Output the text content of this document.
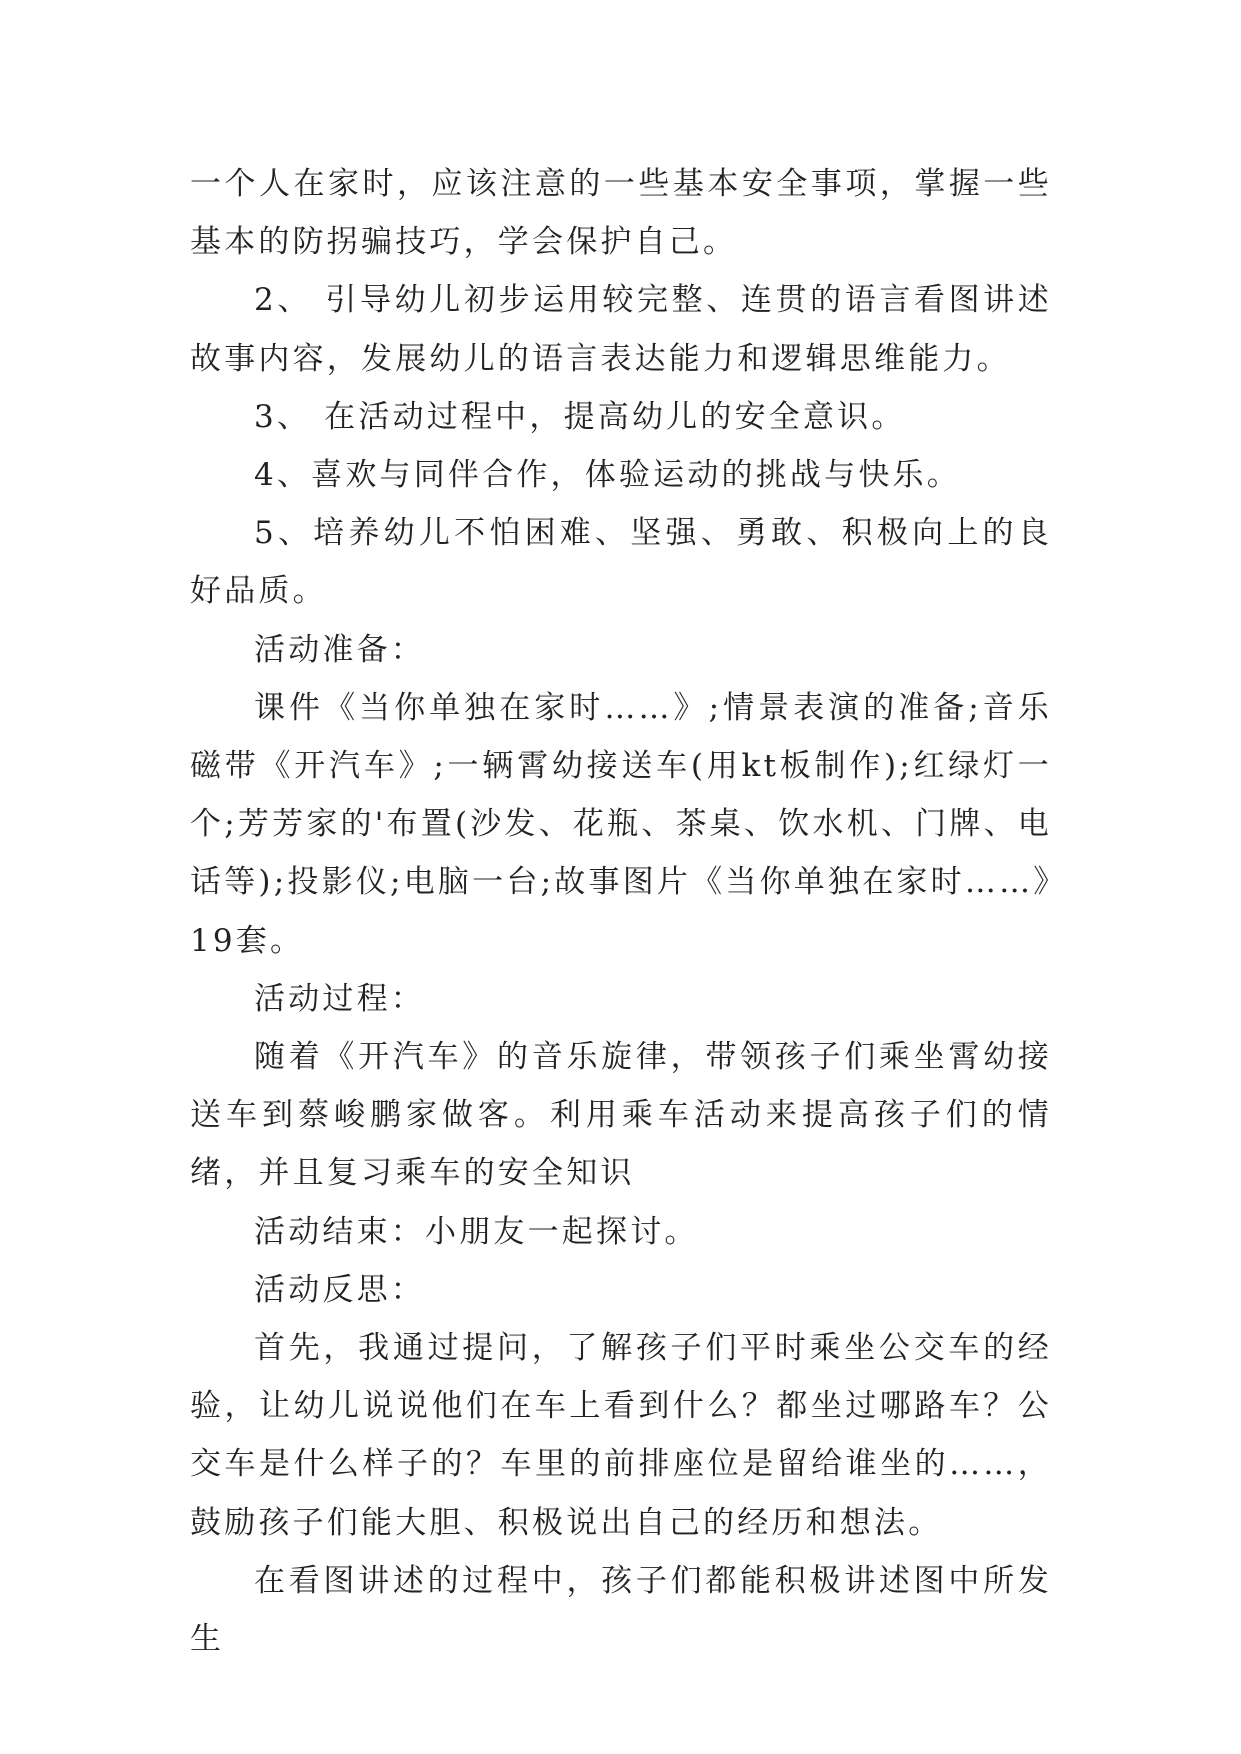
一个人在家时，应该注意的一些基本安全事项，掌握一些基本的防拐骗技巧，学会保护自己。

2、 引导幼儿初步运用较完整、连贯的语言看图讲述故事内容，发展幼儿的语言表达能力和逻辑思维能力。

3、 在活动过程中，提高幼儿的安全意识。

4、喜欢与同伴合作，体验运动的挑战与快乐。

5、培养幼儿不怕困难、坚强、勇敢、积极向上的良好品质。

活动准备：

课件《当你单独在家时……》;情景表演的准备;音乐磁带《开汽车》;一辆霄幼接送车(用kt板制作);红绿灯一个;芳芳家的'布置(沙发、花瓶、茶桌、饮水机、门牌、电话等);投影仪;电脑一台;故事图片《当你单独在家时……》19套。

活动过程：

随着《开汽车》的音乐旋律，带领孩子们乘坐霄幼接送车到蔡峻鹏家做客。利用乘车活动来提高孩子们的情绪，并且复习乘车的安全知识

活动结束：小朋友一起探讨。

活动反思：

首先，我通过提问，了解孩子们平时乘坐公交车的经验，让幼儿说说他们在车上看到什么？都坐过哪路车？公交车是什么样子的？车里的前排座位是留给谁坐的……，鼓励孩子们能大胆、积极说出自己的经历和想法。

在看图讲述的过程中，孩子们都能积极讲述图中所发生
